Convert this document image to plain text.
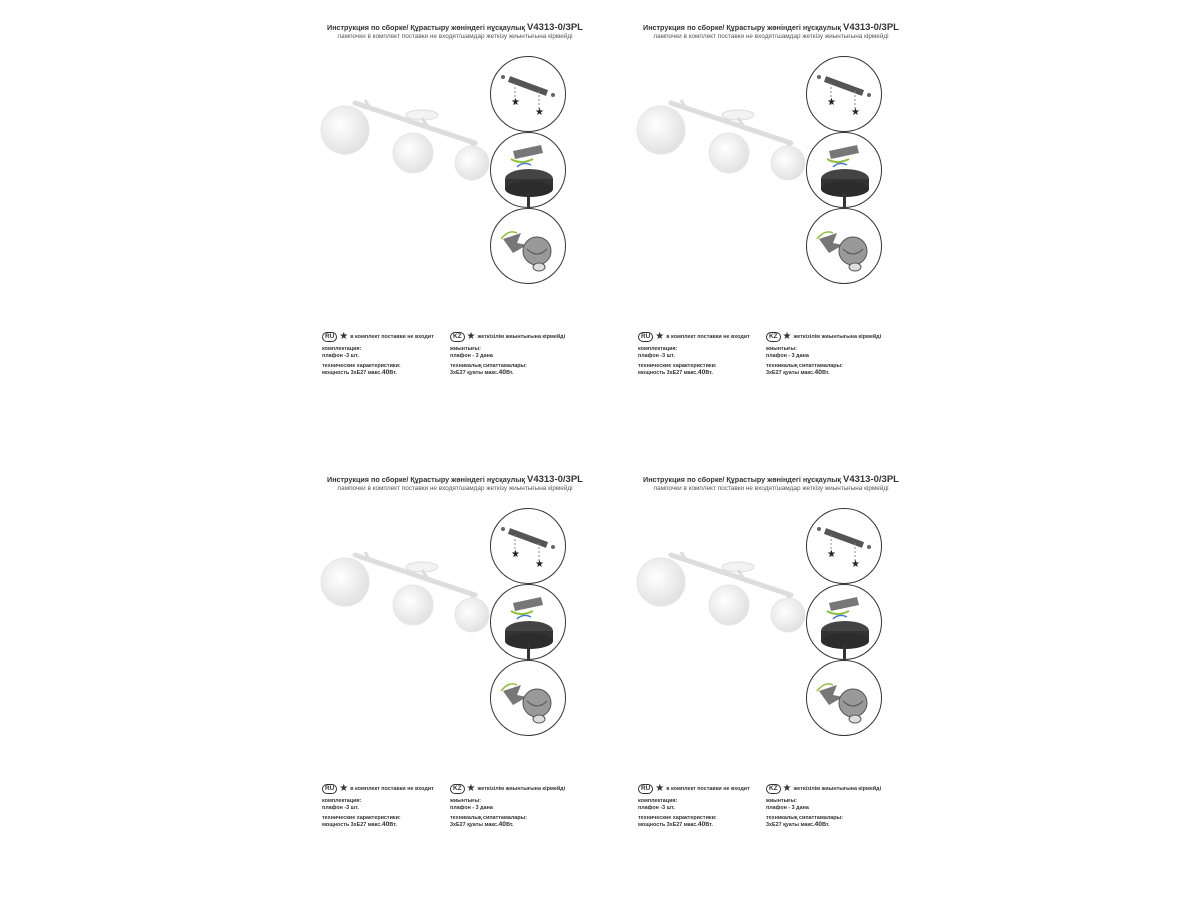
Инструкция по сборке/ Құрастыру жөніндегі нұсқаулық V4313-0/3PL
лампочки в комплект поставки не входят/шамдар жеткізу жиынтығына кірмейді
★
★
RU ★ в комплект поставки не входит
комплектация:
плафон -3 шт.
технические характеристики:
мощность 3хЕ27 макс.40Вт.
KZ ★ жеткізілім жиынтығына кірмейді
жиынтығы:
плафон - 3 дана
техникалық сипаттамалары:
3хЕ27 қуаты макс.40Вт.
Инструкция по сборке/ Құрастыру жөніндегі нұсқаулық V4313-0/3PL
лампочки в комплект поставки не входят/шамдар жеткізу жиынтығына кірмейді
★
★
RU ★ в комплект поставки не входит
комплектация:
плафон -3 шт.
технические характеристики:
мощность 3хЕ27 макс.40Вт.
KZ ★ жеткізілім жиынтығына кірмейді
жиынтығы:
плафон - 3 дана
техникалық сипаттамалары:
3хЕ27 қуаты макс.40Вт.
Инструкция по сборке/ Құрастыру жөніндегі нұсқаулық V4313-0/3PL
лампочки в комплект поставки не входят/шамдар жеткізу жиынтығына кірмейді
★
★
RU ★ в комплект поставки не входит
комплектация:
плафон -3 шт.
технические характеристики:
мощность 3хЕ27 макс.40Вт.
KZ ★ жеткізілім жиынтығына кірмейді
жиынтығы:
плафон - 3 дана
техникалық сипаттамалары:
3хЕ27 қуаты макс.40Вт.
Инструкция по сборке/ Құрастыру жөніндегі нұсқаулық V4313-0/3PL
лампочки в комплект поставки не входят/шамдар жеткізу жиынтығына кірмейді
★
★
RU ★ в комплект поставки не входит
комплектация:
плафон -3 шт.
технические характеристики:
мощность 3хЕ27 макс.40Вт.
KZ ★ жеткізілім жиынтығына кірмейді
жиынтығы:
плафон - 3 дана
техникалық сипаттамалары:
3хЕ27 қуаты макс.40Вт.
